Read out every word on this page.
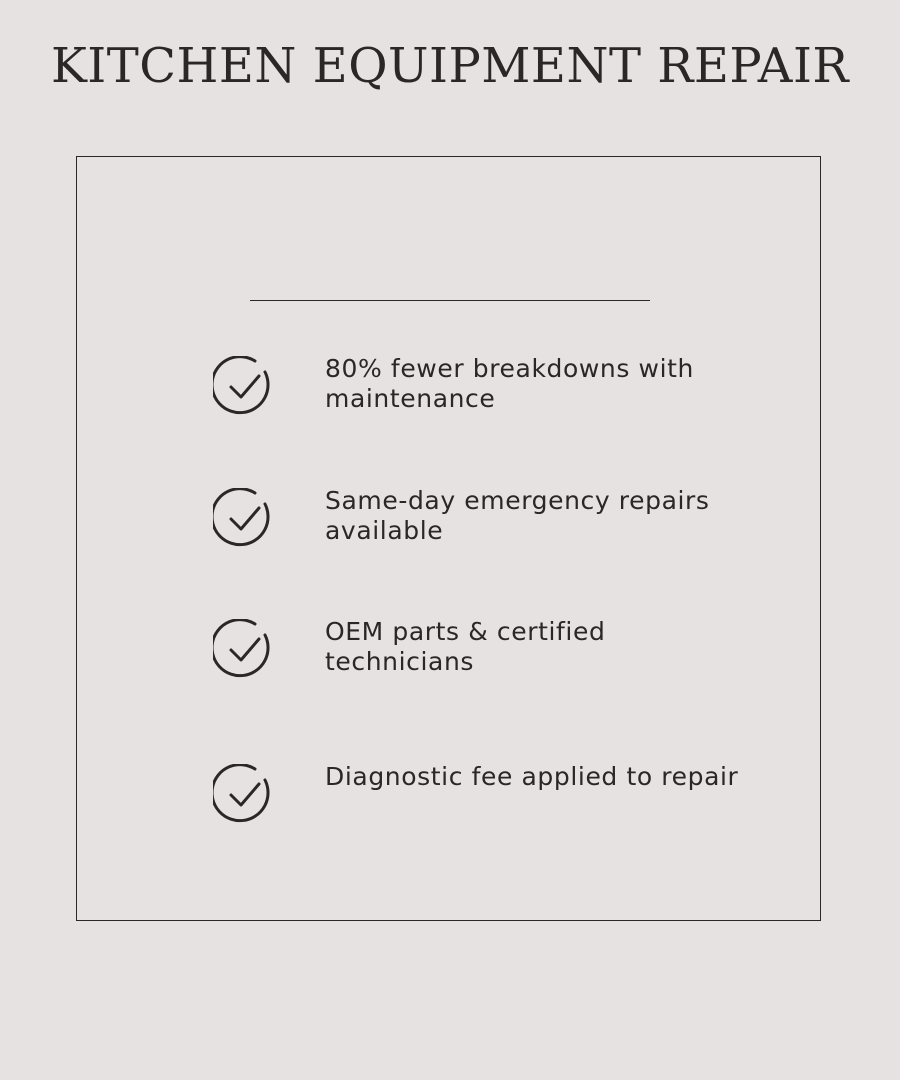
KITCHEN EQUIPMENT REPAIR
80% fewer breakdowns with maintenance
Same-day emergency repairs available
OEM parts & certified technicians
Diagnostic fee applied to repair
